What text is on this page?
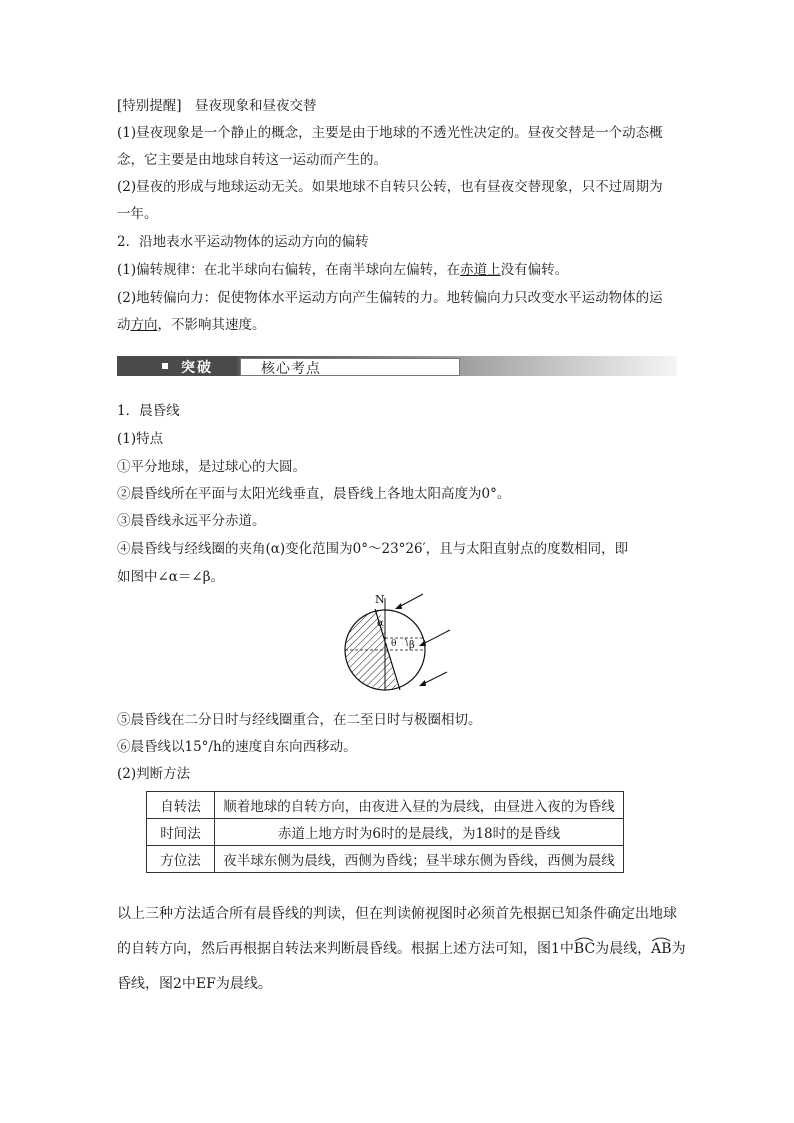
[特别提醒]　昼夜现象和昼夜交替
(1)昼夜现象是一个静止的概念，主要是由于地球的不透光性决定的。昼夜交替是一个动态概
念，它主要是由地球自转这一运动而产生的。
(2)昼夜的形成与地球运动无关。如果地球不自转只公转，也有昼夜交替现象，只不过周期为
一年。
2．沿地表水平运动物体的运动方向的偏转
(1)偏转规律：在北半球向右偏转，在南半球向左偏转，在赤道上没有偏转。
(2)地转偏向力：促使物体水平运动方向产生偏转的力。地转偏向力只改变水平运动物体的运
动方向，不影响其速度。
突破	核心考点
1．晨昏线
(1)特点
①平分地球，是过球心的大圆。
②晨昏线所在平面与太阳光线垂直，晨昏线上各地太阳高度为0°。
③晨昏线永远平分赤道。
④晨昏线与经线圈的夹角(α)变化范围为0°～23°26′，且与太阳直射点的度数相同，即
如图中∠α＝∠β。
N
α
θ β
⑤晨昏线在二分日时与经线圈重合，在二至日时与极圈相切。
⑥晨昏线以15°/h的速度自东向西移动。
(2)判断方法
自转法	顺着地球的自转方向，由夜进入昼的为晨线，由昼进入夜的为昏线
时间法	赤道上地方时为6时的是晨线，为18时的是昏线
方位法	夜半球东侧为晨线，西侧为昏线；昼半球东侧为昏线，西侧为晨线
以上三种方法适合所有晨昏线的判读，但在判读俯视图时必须首先根据已知条件确定出地球
的自转方向，然后再根据自转法来判断晨昏线。根据上述方法可知，图1中BC
为晨线，AB
为
昏线，图2中EF为晨线。
